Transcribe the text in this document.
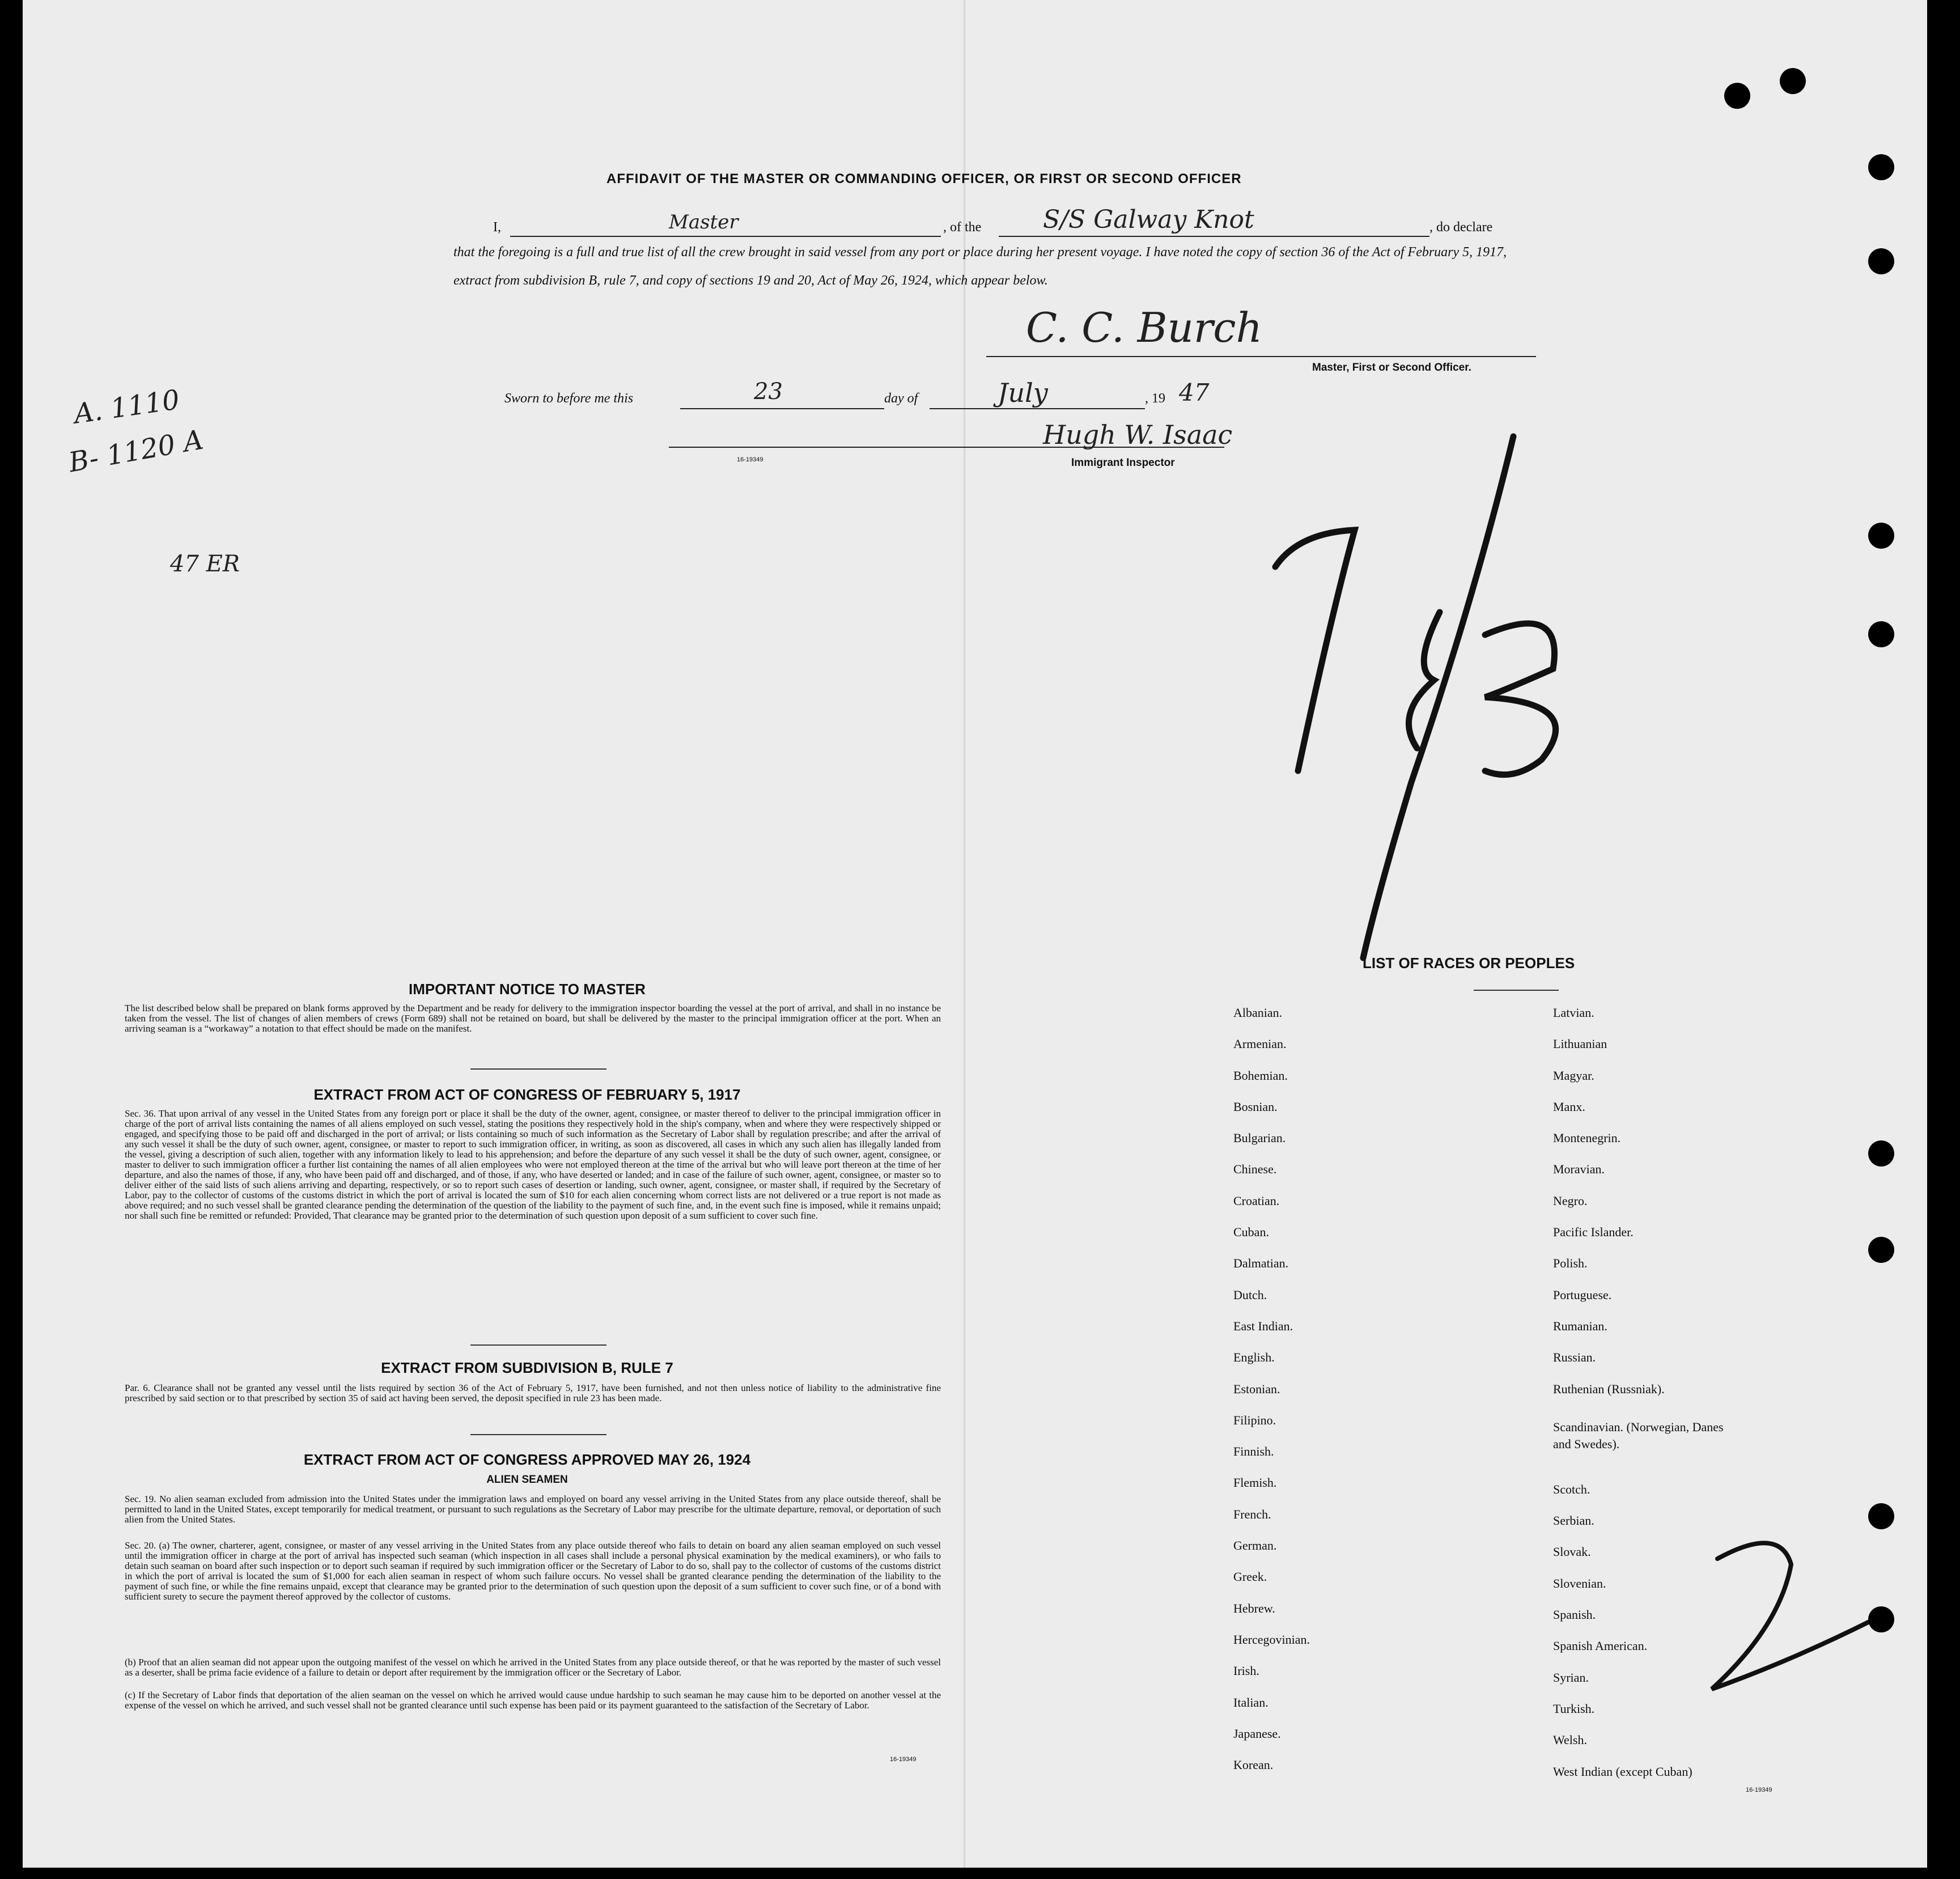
AFFIDAVIT OF THE MASTER OR COMMANDING OFFICER, OR FIRST OR SECOND OFFICER
I,	Master	, of the S/S Galway Knot	, do declare
that the foregoing is a full and true list of all the crew brought in said vessel from any port or place during her present voyage. I have noted the copy of section 36 of the Act of February 5, 1917, extract from subdivision B, rule 7, and copy of sections 19 and 20, Act of May 26, 1924, which appear below.
C. C. Burch
Master, First or Second Officer.
Sworn to before me this	23	day of	July	, 19 47
Hugh W. Isaac
Immigrant Inspector
16-19349
A. 1110
B- 1120 A
47 ER
IMPORTANT NOTICE TO MASTER
The list described below shall be prepared on blank forms approved by the Department and be ready for delivery to the immigration inspector boarding the vessel at the port of arrival, and shall in no instance be taken from the vessel. The list of changes of alien members of crews (Form 689) shall not be retained on board, but shall be delivered by the master to the principal immigration officer at the port. When an arriving seaman is a “workaway” a notation to that effect should be made on the manifest.
EXTRACT FROM ACT OF CONGRESS OF FEBRUARY 5, 1917
Sec. 36. That upon arrival of any vessel in the United States from any foreign port or place it shall be the duty of the owner, agent, consignee, or master thereof to deliver to the principal immigration officer in charge of the port of arrival lists containing the names of all aliens employed on such vessel, stating the positions they respectively hold in the ship's company, when and where they were respectively shipped or engaged, and specifying those to be paid off and discharged in the port of arrival; or lists containing so much of such information as the Secretary of Labor shall by regulation prescribe; and after the arrival of any such vessel it shall be the duty of such owner, agent, consignee, or master to report to such immigration officer, in writing, as soon as discovered, all cases in which any such alien has illegally landed from the vessel, giving a description of such alien, together with any information likely to lead to his apprehension; and before the departure of any such vessel it shall be the duty of such owner, agent, consignee, or master to deliver to such immigration officer a further list containing the names of all alien employees who were not employed thereon at the time of the arrival but who will leave port thereon at the time of her departure, and also the names of those, if any, who have been paid off and discharged, and of those, if any, who have deserted or landed; and in case of the failure of such owner, agent, consignee, or master so to deliver either of the said lists of such aliens arriving and departing, respectively, or so to report such cases of desertion or landing, such owner, agent, consignee, or master shall, if required by the Secretary of Labor, pay to the collector of customs of the customs district in which the port of arrival is located the sum of $10 for each alien concerning whom correct lists are not delivered or a true report is not made as above required; and no such vessel shall be granted clearance pending the determination of the question of the liability to the payment of such fine, and, in the event such fine is imposed, while it remains unpaid; nor shall such fine be remitted or refunded: Provided, That clearance may be granted prior to the determination of such question upon deposit of a sum sufficient to cover such fine.
EXTRACT FROM SUBDIVISION B, RULE 7
Par. 6. Clearance shall not be granted any vessel until the lists required by section 36 of the Act of February 5, 1917, have been furnished, and not then unless notice of liability to the administrative fine prescribed by said section or to that prescribed by section 35 of said act having been served, the deposit specified in rule 23 has been made.
EXTRACT FROM ACT OF CONGRESS APPROVED MAY 26, 1924
ALIEN SEAMEN
Sec. 19. No alien seaman excluded from admission into the United States under the immigration laws and employed on board any vessel arriving in the United States from any place outside thereof, shall be permitted to land in the United States, except temporarily for medical treatment, or pursuant to such regulations as the Secretary of Labor may prescribe for the ultimate departure, removal, or deportation of such alien from the United States.
Sec. 20. (a) The owner, charterer, agent, consignee, or master of any vessel arriving in the United States from any place outside thereof who fails to detain on board any alien seaman employed on such vessel until the immigration officer in charge at the port of arrival has inspected such seaman (which inspection in all cases shall include a personal physical examination by the medical examiners), or who fails to detain such seaman on board after such inspection or to deport such seaman if required by such immigration officer or the Secretary of Labor to do so, shall pay to the collector of customs of the customs district in which the port of arrival is located the sum of $1,000 for each alien seaman in respect of whom such failure occurs. No vessel shall be granted clearance pending the determination of the liability to the payment of such fine, or while the fine remains unpaid, except that clearance may be granted prior to the determination of such question upon the deposit of a sum sufficient to cover such fine, or of a bond with sufficient surety to secure the payment thereof approved by the collector of customs.
(b) Proof that an alien seaman did not appear upon the outgoing manifest of the vessel on which he arrived in the United States from any place outside thereof, or that he was reported by the master of such vessel as a deserter, shall be prima facie evidence of a failure to detain or deport after requirement by the immigration officer or the Secretary of Labor.
(c) If the Secretary of Labor finds that deportation of the alien seaman on the vessel on which he arrived would cause undue hardship to such seaman he may cause him to be deported on another vessel at the expense of the vessel on which he arrived, and such vessel shall not be granted clearance until such expense has been paid or its payment guaranteed to the satisfaction of the Secretary of Labor.
16-19349
LIST OF RACES OR PEOPLES
Albanian.
Armenian.
Bohemian.
Bosnian.
Bulgarian.
Chinese.
Croatian.
Cuban.
Dalmatian.
Dutch.
East Indian.
English.
Estonian.
Filipino.
Finnish.
Flemish.
French.
German.
Greek.
Hebrew.
Hercegovinian.
Irish.
Italian.
Japanese.
Korean.
Latvian.
Lithuanian
Magyar.
Manx.
Montenegrin.
Moravian.
Negro.
Pacific Islander.
Polish.
Portuguese.
Rumanian.
Russian.
Ruthenian (Russniak).
Scandinavian. (Norwegian, Danes and Swedes).
Scotch.
Serbian.
Slovak.
Slovenian.
Spanish.
Spanish American.
Syrian.
Turkish.
Welsh.
West Indian (except Cuban)
16-19349
